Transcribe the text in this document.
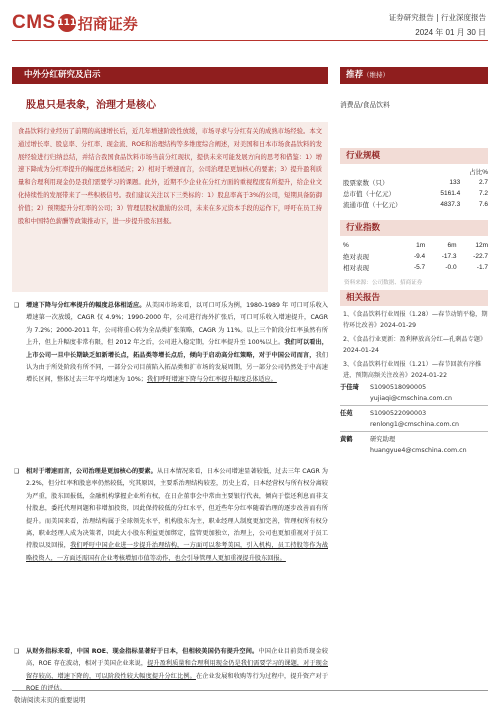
CMS 111 招商证券	证券研究报告 | 行业深度报告
2024 年 01 月 30 日
中外分红研究及启示
股息只是表象，治理才是核心
食品饮料行业经历了前期的高速增长后，近几年增速阶段性放缓，市场寻求与分红有关的成熟市场经验。本文通过增长率、股息率、分红率、现金流、ROE和治理结构等多维度综合阐述，对美国和日本市场食品饮料的发展经验进行归纳总结，并结合我国食品饮料市场当前分红现状，提供未来可能发展方向的思考和借鉴：1）增速下降成为分红率提升的幅度总体相适应；2）相对于增速而言，公司治理是更加核心的要素；3）提升盈利质量和合理利用现金仍是我们需要学习的课题。此外，近期不少企业在分红方面的重视程度有所提升，给企业文化持续性的发展带来了一些积极信号。我们建议关注以下三类标的：1）股息率高于3%的公司，短期具备防御价值；2）预期提升分红率的公司；3）管理层股权激励的公司，未来在多元资本手段的运作下，呼吁在员工持股和中国特色薪酬等政策推动下，进一步提升股东回报。
❑	增速下降与分红率提升的幅度总体相适应。从美国市场来看，以可口可乐为例，1980-1989 年 可口可乐收入增速第一次放缓，CAGR 仅 4.9%；1990-2000 年，公司进行海外扩张后，可口可乐收入增速提升，CAGR 为 7.2%；2000-2011 年，公司将重心转为全品类扩张策略，CAGR 为 11%。以上三个阶段分红率虽然有所上升，但上升幅度非常有限，但 2012 年之后，公司进入稳定期，分红率提升至 100%以上。我们可以看出，上市公司一旦中长期缺乏如新增长点，拓品类等增长点后，倾向于启动高分红策略，对于中国公司而言，我们认为由于所处阶段有所不同，一部分公司目前陷入拓品类和扩市场的发展周期，另一部分公司仍然处于中高速增长区间，整体过去三年平均增速为 10%；我们呼吁增速下降与分红率提升幅度总体适应。
❑	相对于增速而言，公司治理是更加核心的要素。从日本情况来看，日本公司增速显著较低，过去三年 CAGR 为 2.2%，但分红率和股息率仍然较低，究其原因，主要系治理结构较差，历史上看，日本经营权与所有权分离较为严重，股东回报低，金融机构掌握企业所有权，在日企董事会中常由主要银行代表，倾向于偿还利息而非支付股息，委托代理问题和非增加投资，因此保持较低的分红水平，但近些年分红率随着治理的逐步改善而有所提升。而美国来看，治理结构属于全球领先水平，机构股东为主，职业经理人制度更加完善，管理权所有权分离，职业经理人成为决策者，因此大小股东利益更加绑定，监管更加独立，治理上，公司也更加重视对于员工持股以及回报，我们呼吁中国企业进一步提升治理结构，一方面可以参考美国，引入机构，员工持股等作为战略投资人，一方面还需国有企业考核增加市值等动作，也会引导管理人更加重视提升股东回报。
❑	从财务指标来看，中国 ROE、现金指标显著好于日本，但相较美国仍有提升空间。中国企业目前货币现金较高，ROE 存在波动，相对于美国企业来说，提升盈利质量和合理利用现金仍是我们需要学习的课题，对于现金留存较高、增速下降的，可以阶段性较大幅度提升分红比例。在企业发展和收购等行为过程中，提升资产对于 ROE 的评估。
敬请阅读末页的重要说明
推荐（维持）
消费品/食品饮料
行业规模
		占比%
股票家数（只）	133	2.7
总市值（十亿元）	5161.4	7.2
流通市值（十亿元）	4837.3	7.6
行业指数
%	1m	6m	12m
绝对表现	-9.4	-17.3	-22.7
相对表现	-5.7	-0.0	-1.7
资料来源：公司数据、招商证券
相关报告
1、《食品饮料行业周报（1.28）—春节动销平稳，期待环比改善》2024-01-29
2、《食品行业更新：盈利释放高分红—孔剩品专题》2024-01-24
3、《食品饮料行业周报（1.21）—春节回款有序推进，预期高频关注改善》2024-01-22
于佳琦	S1090518090005
yujiaqi@cmschina.com.cn
任苑	S1090522090003
renlong1@cmschina.com.cn
黄鹤	研究助理
huangyue4@cmschina.com.cn
